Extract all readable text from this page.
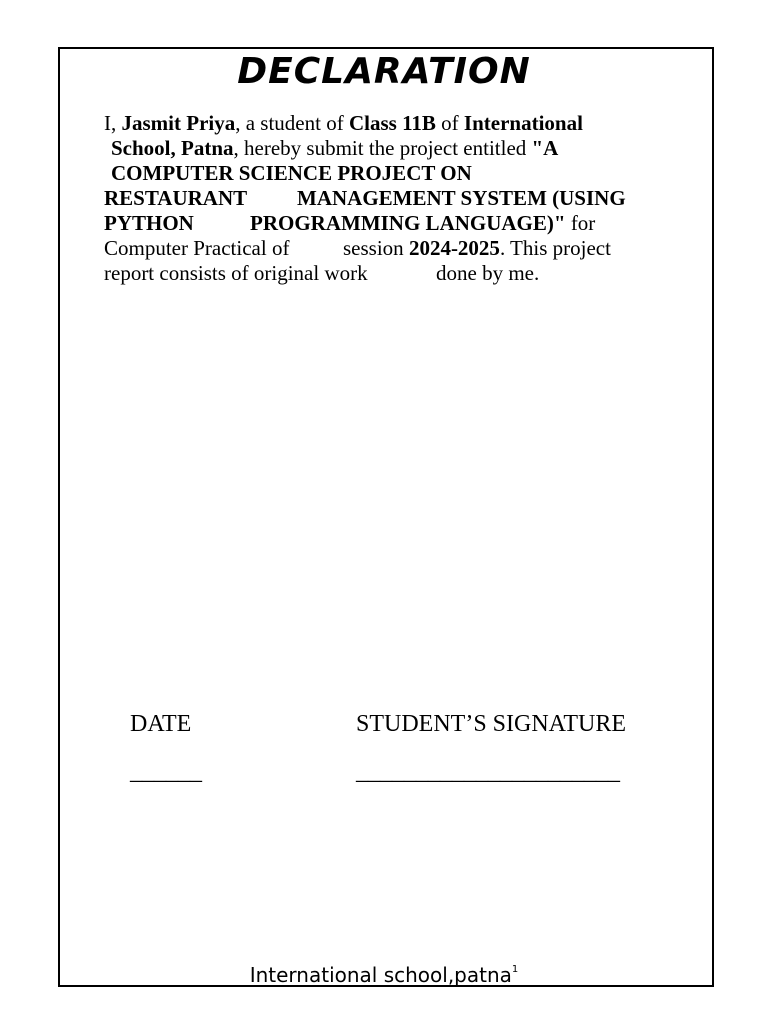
DECLARATION
I, Jasmit Priya, a student of Class 11B of International
School, Patna, hereby submit the project entitled "A
COMPUTER SCIENCE PROJECT ON
RESTAURANT MANAGEMENT SYSTEM (USING
PYTHON	PROGRAMMING LANGUAGE)" for
Computer Practical of	session 2024-2025. This project
report consists of original work	done by me.
DATE	STUDENT’S SIGNATURE
______	______________________
International school,patna$^1$
